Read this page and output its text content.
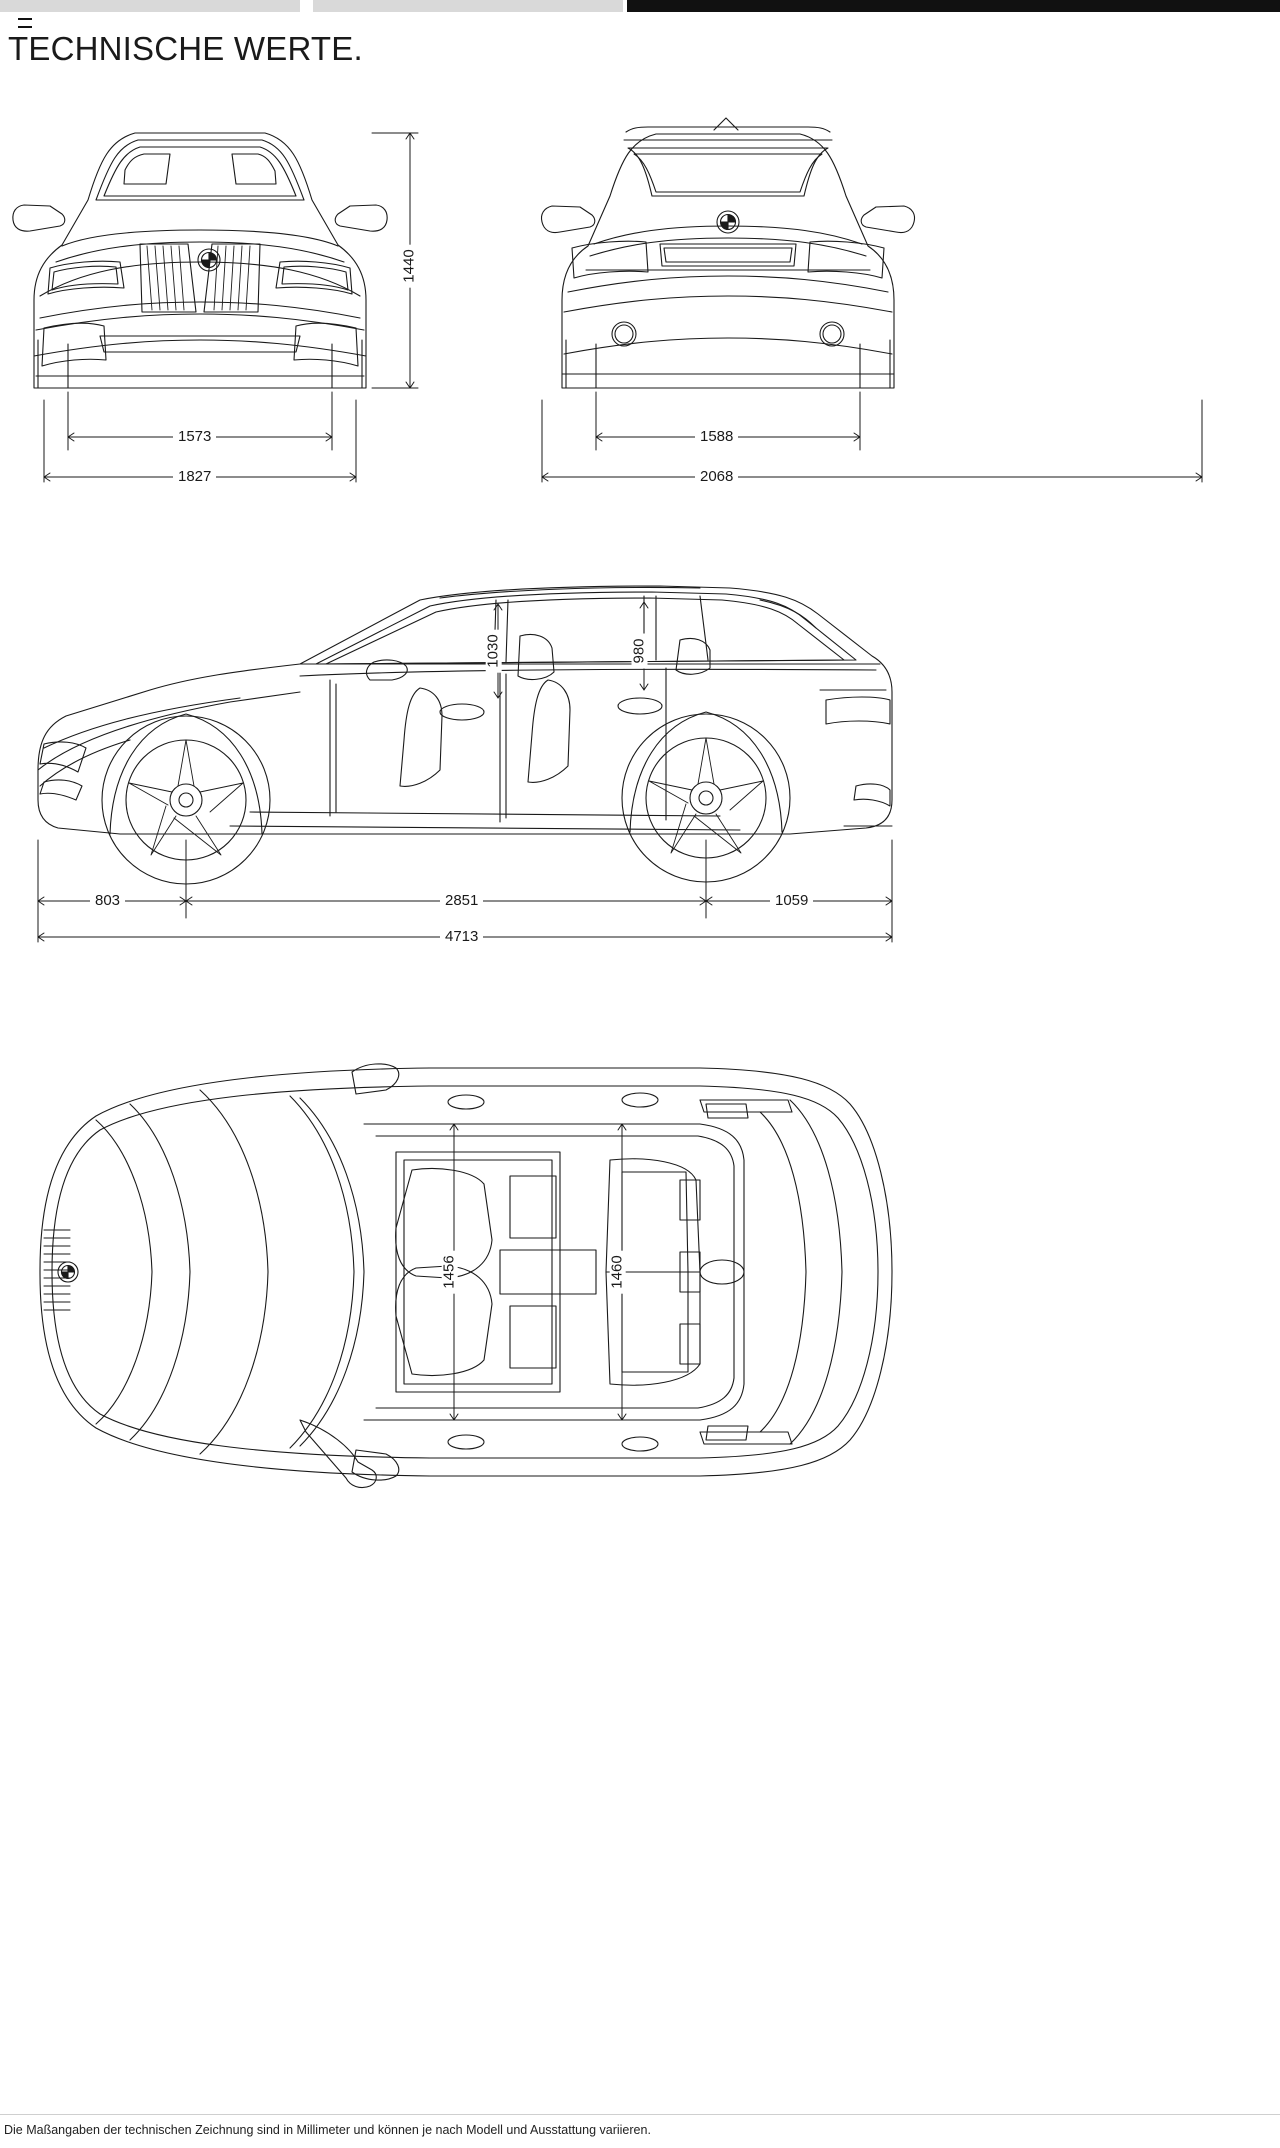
TECHNISCHE WERTE.
1440
1573
1827
1588
2068
1030	980
803	2851	1059
4713
1456	1460
Die Maßangaben der technischen Zeichnung sind in Millimeter und können je nach Modell und Ausstattung variieren.
